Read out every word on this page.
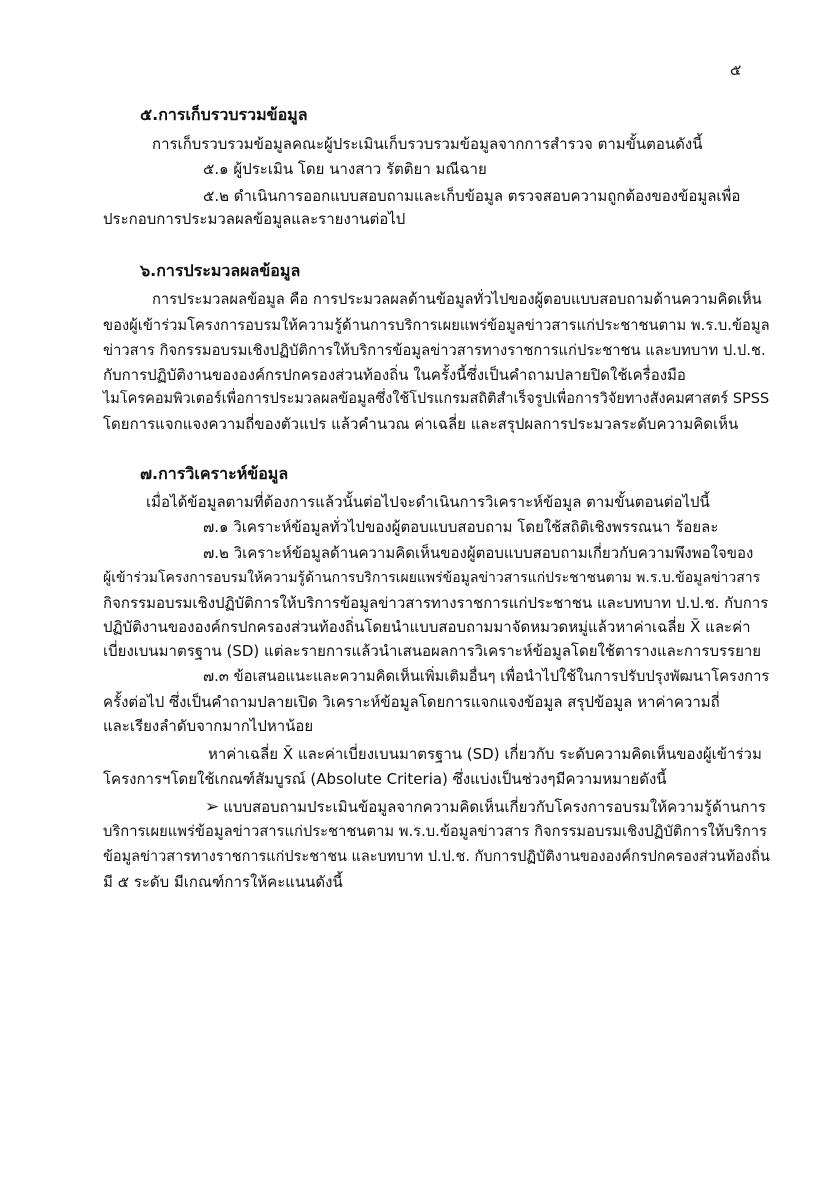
๕
๕.การเก็บรวบรวมข้อมูล
การเก็บรวบรวมข้อมูลคณะผู้ประเมินเก็บรวบรวมข้อมูลจากการสำรวจ ตามขั้นตอนดังนี้
๕.๑ ผู้ประเมิน โดย นางสาว รัตติยา มณีฉาย
๕.๒ ดำเนินการออกแบบสอบถามและเก็บข้อมูล ตรวจสอบความถูกต้องของข้อมูลเพื่อ
ประกอบการประมวลผลข้อมูลและรายงานต่อไป
๖.การประมวลผลข้อมูล
การประมวลผลข้อมูล คือ การประมวลผลด้านข้อมูลทั่วไปของผู้ตอบแบบสอบถามด้านความคิดเห็น
ของผู้เข้าร่วมโครงการอบรมให้ความรู้ด้านการบริการเผยแพร่ข้อมูลข่าวสารแก่ประชาชนตาม พ.ร.บ.ข้อมูล
ข่าวสาร กิจกรรมอบรมเชิงปฏิบัติการให้บริการข้อมูลข่าวสารทางราชการแก่ประชาชน และบทบาท ป.ป.ช.
กับการปฏิบัติงานขององค์กรปกครองส่วนท้องถิ่น ในครั้งนี้ซึ่งเป็นคำถามปลายปิดใช้เครื่องมือ
ไมโครคอมพิวเตอร์เพื่อการประมวลผลข้อมูลซึ่งใช้โปรแกรมสถิติสำเร็จรูปเพื่อการวิจัยทางสังคมศาสตร์ SPSS
โดยการแจกแจงความถี่ของตัวแปร แล้วคำนวณ ค่าเฉลี่ย และสรุปผลการประมวลระดับความคิดเห็น
๗.การวิเคราะห์ข้อมูล
เมื่อได้ข้อมูลตามที่ต้องการแล้วนั้นต่อไปจะดำเนินการวิเคราะห์ข้อมูล ตามขั้นตอนต่อไปนี้
๗.๑ วิเคราะห์ข้อมูลทั่วไปของผู้ตอบแบบสอบถาม โดยใช้สถิติเชิงพรรณนา ร้อยละ
๗.๒ วิเคราะห์ข้อมูลด้านความคิดเห็นของผู้ตอบแบบสอบถามเกี่ยวกับความพึงพอใจของ
ผู้เข้าร่วมโครงการอบรมให้ความรู้ด้านการบริการเผยแพร่ข้อมูลข่าวสารแก่ประชาชนตาม พ.ร.บ.ข้อมูลข่าวสาร
กิจกรรมอบรมเชิงปฏิบัติการให้บริการข้อมูลข่าวสารทางราชการแก่ประชาชน และบทบาท ป.ป.ช. กับการ
ปฏิบัติงานขององค์กรปกครองส่วนท้องถิ่นโดยนำแบบสอบถามมาจัดหมวดหมู่แล้วหาค่าเฉลี่ย X̄ และค่า
เบี่ยงเบนมาตรฐาน (SD) แต่ละรายการแล้วนำเสนอผลการวิเคราะห์ข้อมูลโดยใช้ตารางและการบรรยาย
๗.๓ ข้อเสนอแนะและความคิดเห็นเพิ่มเติมอื่นๆ เพื่อนำไปใช้ในการปรับปรุงพัฒนาโครงการ
ครั้งต่อไป ซึ่งเป็นคำถามปลายเปิด วิเคราะห์ข้อมูลโดยการแจกแจงข้อมูล สรุปข้อมูล หาค่าความถี่
และเรียงลำดับจากมากไปหาน้อย
หาค่าเฉลี่ย X̄ และค่าเบี่ยงเบนมาตรฐาน (SD) เกี่ยวกับ ระดับความคิดเห็นของผู้เข้าร่วม
โครงการฯโดยใช้เกณฑ์สัมบูรณ์ (Absolute Criteria) ซึ่งแบ่งเป็นช่วงๆมีความหมายดังนี้
➢ แบบสอบถามประเมินข้อมูลจากความคิดเห็นเกี่ยวกับโครงการอบรมให้ความรู้ด้านการ
บริการเผยแพร่ข้อมูลข่าวสารแก่ประชาชนตาม พ.ร.บ.ข้อมูลข่าวสาร กิจกรรมอบรมเชิงปฏิบัติการให้บริการ
ข้อมูลข่าวสารทางราชการแก่ประชาชน และบทบาท ป.ป.ช. กับการปฏิบัติงานขององค์กรปกครองส่วนท้องถิ่น
มี ๕ ระดับ มีเกณฑ์การให้คะแนนดังนี้
